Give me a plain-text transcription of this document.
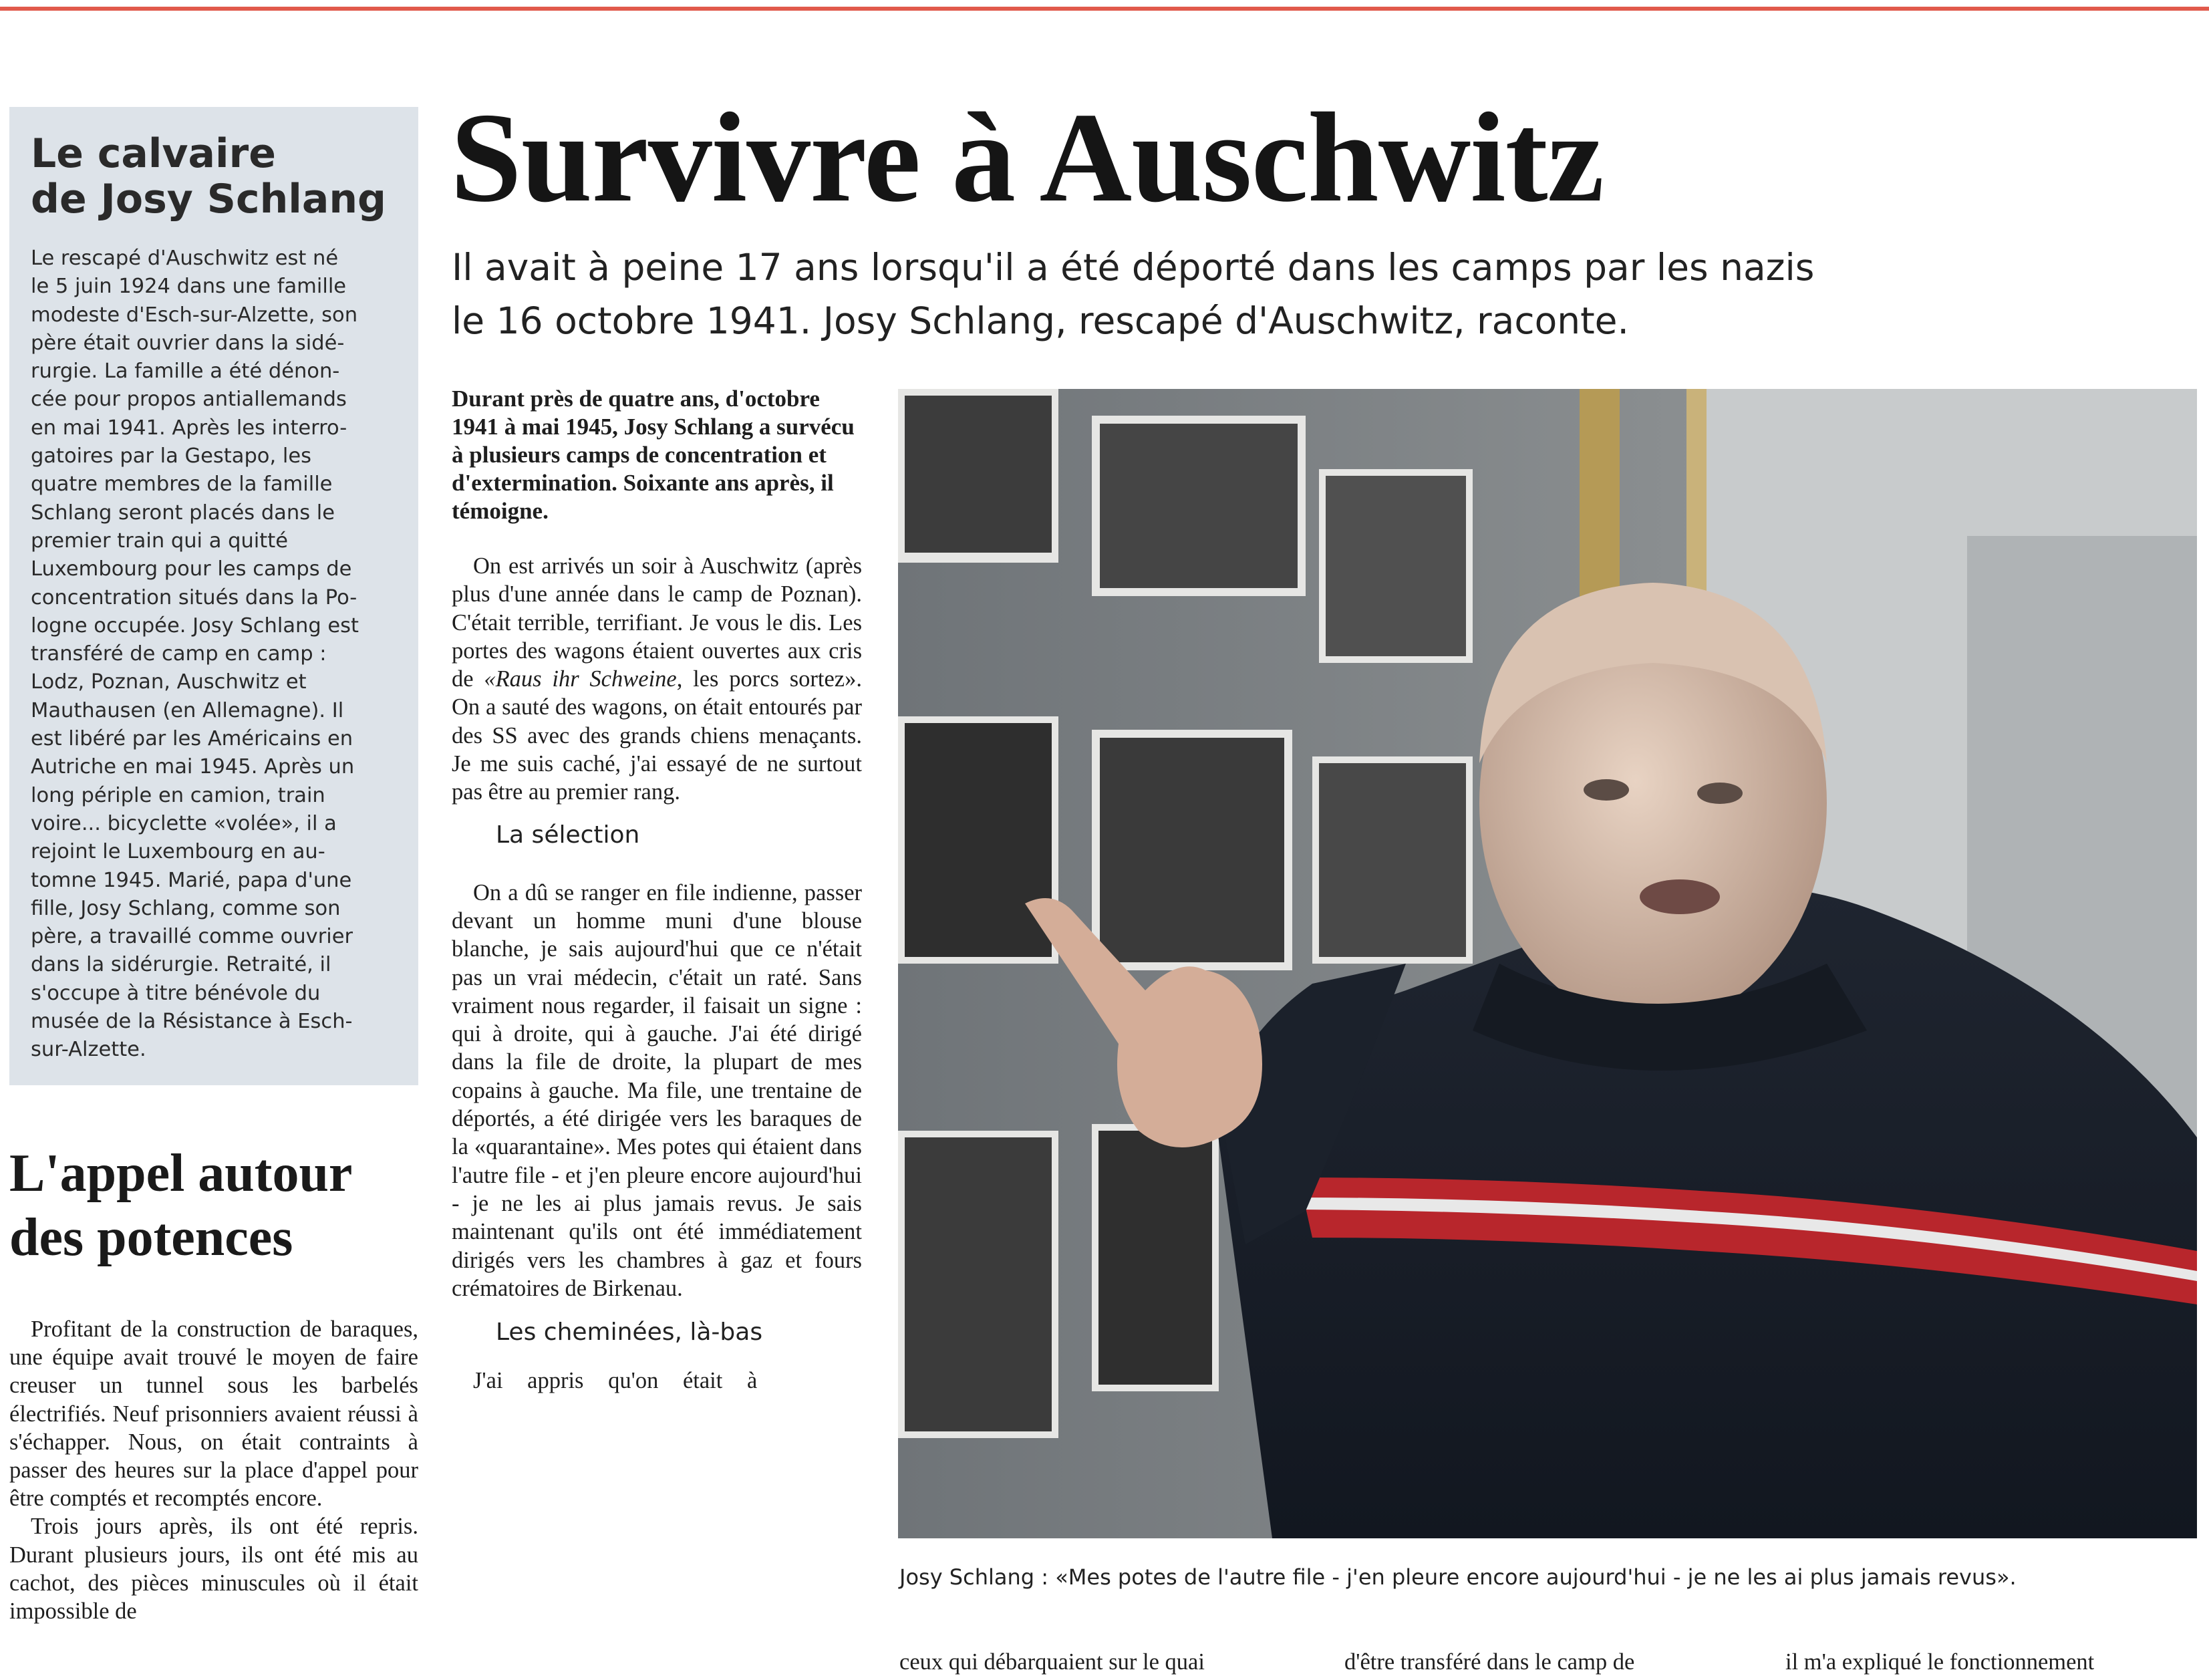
Le calvaire
de Josy Schlang
Le rescapé d'Auschwitz est né
le 5 juin 1924 dans une famille
modeste d'Esch-sur-Alzette, son
père était ouvrier dans la sidé-
rurgie. La famille a été dénon-
cée pour propos antiallemands
en mai 1941. Après les interro-
gatoires par la Gestapo, les
quatre membres de la famille
Schlang seront placés dans le
premier train qui a quitté
Luxembourg pour les camps de
concentration situés dans la Po-
logne occupée. Josy Schlang est
transféré de camp en camp :
Lodz, Poznan, Auschwitz et
Mauthausen (en Allemagne). Il
est libéré par les Américains en
Autriche en mai 1945. Après un
long périple en camion, train
voire... bicyclette «volée», il a
rejoint le Luxembourg en au-
tomne 1945. Marié, papa d'une
fille, Josy Schlang, comme son
père, a travaillé comme ouvrier
dans la sidérurgie. Retraité, il
s'occupe à titre bénévole du
musée de la Résistance à Esch-
sur-Alzette.
L'appel autour
des potences

Profitant de la construction de baraques, une équipe avait trouvé le moyen de faire creuser un tunnel sous les barbelés électrifiés. Neuf prisonniers avaient réussi à s'échapper. Nous, on était contraints à passer des heures sur la place d'appel pour être comptés et recomptés encore.

Trois jours après, ils ont été repris. Durant plusieurs jours, ils ont été mis au cachot, des pièces minuscules où il était impossible de

Survivre à Auschwitz
Il avait à peine 17 ans lorsqu'il a été déporté dans les camps par les nazis
le 16 octobre 1941. Josy Schlang, rescapé d'Auschwitz, raconte.

Durant près de quatre ans, d'octobre 1941 à mai 1945, Josy Schlang a survécu à plusieurs camps de concentration et d'extermination. Soixante ans après, il témoigne.

On est arrivés un soir à Auschwitz (après plus d'une année dans le camp de Poznan). C'était terrible, terrifiant. Je vous le dis. Les portes des wagons étaient ouvertes aux cris de «Raus ihr Schweine, les porcs sortez». On a sauté des wagons, on était entourés par des SS avec des grands chiens menaçants. Je me suis caché, j'ai essayé de ne surtout pas être au premier rang.

La sélection

On a dû se ranger en file indienne, passer devant un homme muni d'une blouse blanche, je sais aujourd'hui que ce n'était pas un vrai médecin, c'était un raté. Sans vraiment nous regarder, il faisait un signe : qui à droite, qui à gauche. J'ai été dirigé dans la file de droite, la plupart de mes copains à gauche. Ma file, une trentaine de déportés, a été dirigée vers les baraques de la «quarantaine». Mes potes qui étaient dans l'autre file - et j'en pleure encore aujourd'hui - je ne les ai plus jamais revus. Je sais maintenant qu'ils ont été immédiatement dirigés vers les chambres à gaz et fours crématoires de Birkenau.

Les cheminées, là-bas

J'ai appris qu'on était à

Josy Schlang : «Mes potes de l'autre file - j'en pleure encore aujourd'hui - je ne les ai plus jamais revus».
ceux qui débarquaient sur le quai	d'être transféré dans le camp de	il m'a expliqué le fonctionnement
